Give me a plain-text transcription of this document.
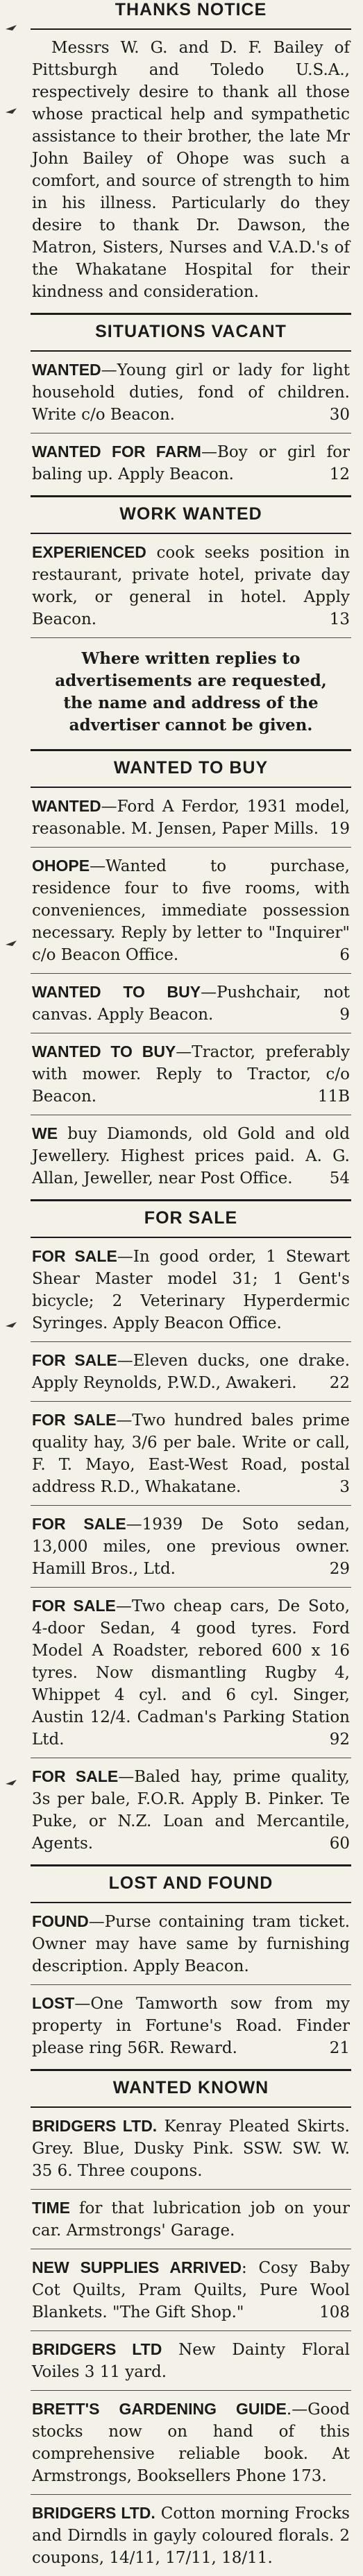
THANKS NOTICE
Messrs W. G. and D. F. Bailey of Pittsburgh and Toledo U.S.A., respectively desire to thank all those whose practical help and sympathetic assistance to their brother, the late Mr John Bailey of Ohope was such a comfort, and source of strength to him in his illness. Particularly do they desire to thank Dr. Dawson, the Matron, Sisters, Nurses and V.A.D.'s of the Whakatane Hospital for their kindness and consideration.
SITUATIONS VACANT
WANTED—Young girl or lady for light household duties, fond of children. Write c/o Beacon.	30
WANTED FOR FARM—Boy or girl for baling up. Apply Beacon.	12
WORK WANTED
EXPERIENCED cook seeks position in restaurant, private hotel, private day work, or general in hotel. Apply Beacon.	13
Where written replies to advertisements are requested, the name and address of the advertiser cannot be given.
WANTED TO BUY
WANTED—Ford A Ferdor, 1931 model, reasonable. M. Jensen, Paper Mills. 19
OHOPE—Wanted to purchase, residence four to five rooms, with conveniences, immediate possession necessary. Reply by letter to "Inquirer" c/o Beacon Office.	6
WANTED TO BUY—Pushchair, not canvas. Apply Beacon.	9
WANTED TO BUY—Tractor, preferably with mower. Reply to Tractor, c/o Beacon.	11B
WE buy Diamonds, old Gold and old Jewellery. Highest prices paid. A. G. Allan, Jeweller, near Post Office. 54
FOR SALE
FOR SALE—In good order, 1 Stewart Shear Master model 31; 1 Gent's bicycle; 2 Veterinary Hyperdermic Syringes. Apply Beacon Office.
FOR SALE—Eleven ducks, one drake. Apply Reynolds, P.W.D., Awakeri. 22
FOR SALE—Two hundred bales prime quality hay, 3/6 per bale. Write or call, F. T. Mayo, East-West Road, postal address R.D., Whakatane.	3
FOR SALE—1939 De Soto sedan, 13,000 miles, one previous owner. Hamill Bros., Ltd.	29
FOR SALE—Two cheap cars, De Soto, 4-door Sedan, 4 good tyres. Ford Model A Roadster, rebored 600 x 16 tyres. Now dismantling Rugby 4, Whippet 4 cyl. and 6 cyl. Singer, Austin 12/4. Cadman's Parking Station Ltd.	92
FOR SALE—Baled hay, prime quality, 3s per bale, F.O.R. Apply B. Pinker. Te Puke, or N.Z. Loan and Mercantile, Agents.	60
LOST AND FOUND
FOUND—Purse containing tram ticket. Owner may have same by furnishing description. Apply Beacon.
LOST—One Tamworth sow from my property in Fortune's Road. Finder please ring 56R. Reward.	21
WANTED KNOWN
BRIDGERS LTD. Kenray Pleated Skirts. Grey. Blue, Dusky Pink. SSW. SW. W. 35 6. Three coupons.
TIME for that lubrication job on your car. Armstrongs' Garage.
NEW SUPPLIES ARRIVED: Cosy Baby Cot Quilts, Pram Quilts, Pure Wool Blankets. "The Gift Shop."	108
BRIDGERS LTD New Dainty Floral Voiles 3 11 yard.
BRETT'S GARDENING GUIDE.—Good stocks now on hand of this comprehensive reliable book. At Armstrongs, Booksellers Phone 173.
BRIDGERS LTD. Cotton morning Frocks and Dirndls in gayly coloured florals. 2 coupons, 14/11, 17/11, 18/11.
